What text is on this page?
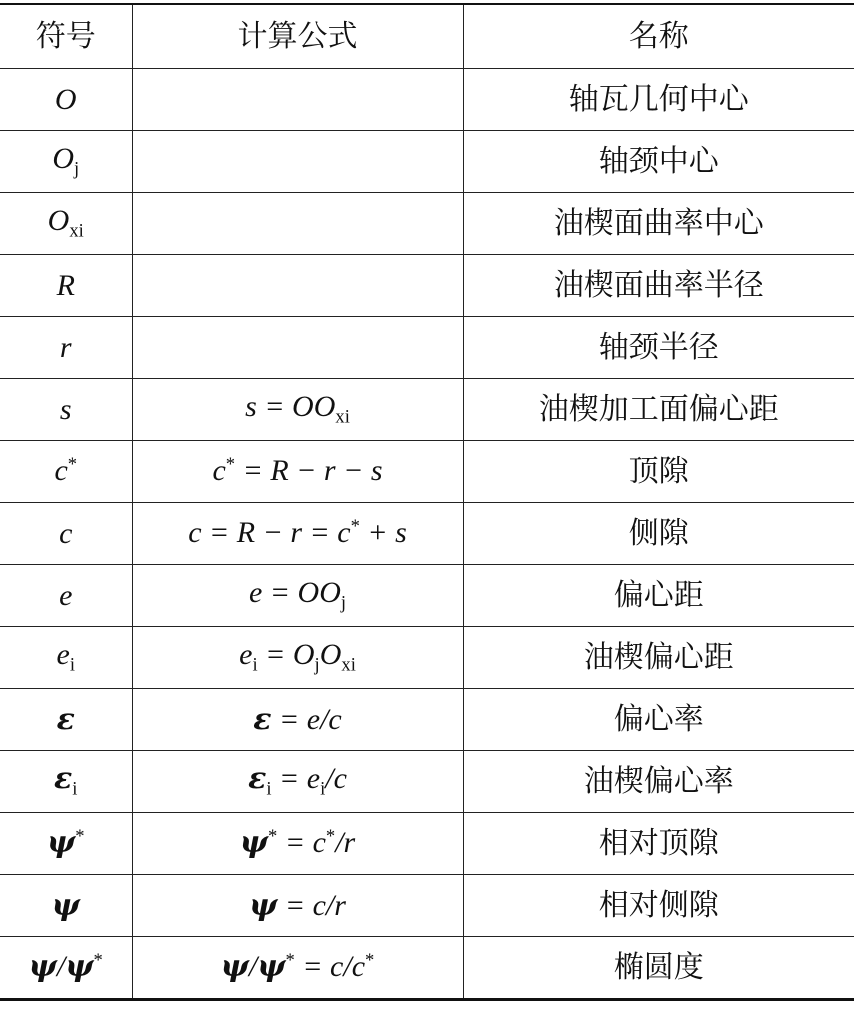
符号	计算公式	名称
O		轴瓦几何中心
$O_j$		轴颈中心
$O_{xi}$		油楔面曲率中心
R		油楔面曲率半径
r		轴颈半径
s	$s = OO_{xi}$	油楔加工面偏心距
c*	c* = R − r − s	顶隙
c	c = R − r = c* + s	侧隙
e	$e = OO_j$	偏心距
$e_i$	$e_i = O_jO_{xi}$	油楔偏心距
ε	ε = e/c	偏心率
$\varepsilon_i$	$\varepsilon_i = e_i/c$	油楔偏心率
ψ*	ψ* = c*/r	相对顶隙
ψ	ψ = c/r	相对侧隙
ψ/ψ*	ψ/ψ* = c/c*	椭圆度
